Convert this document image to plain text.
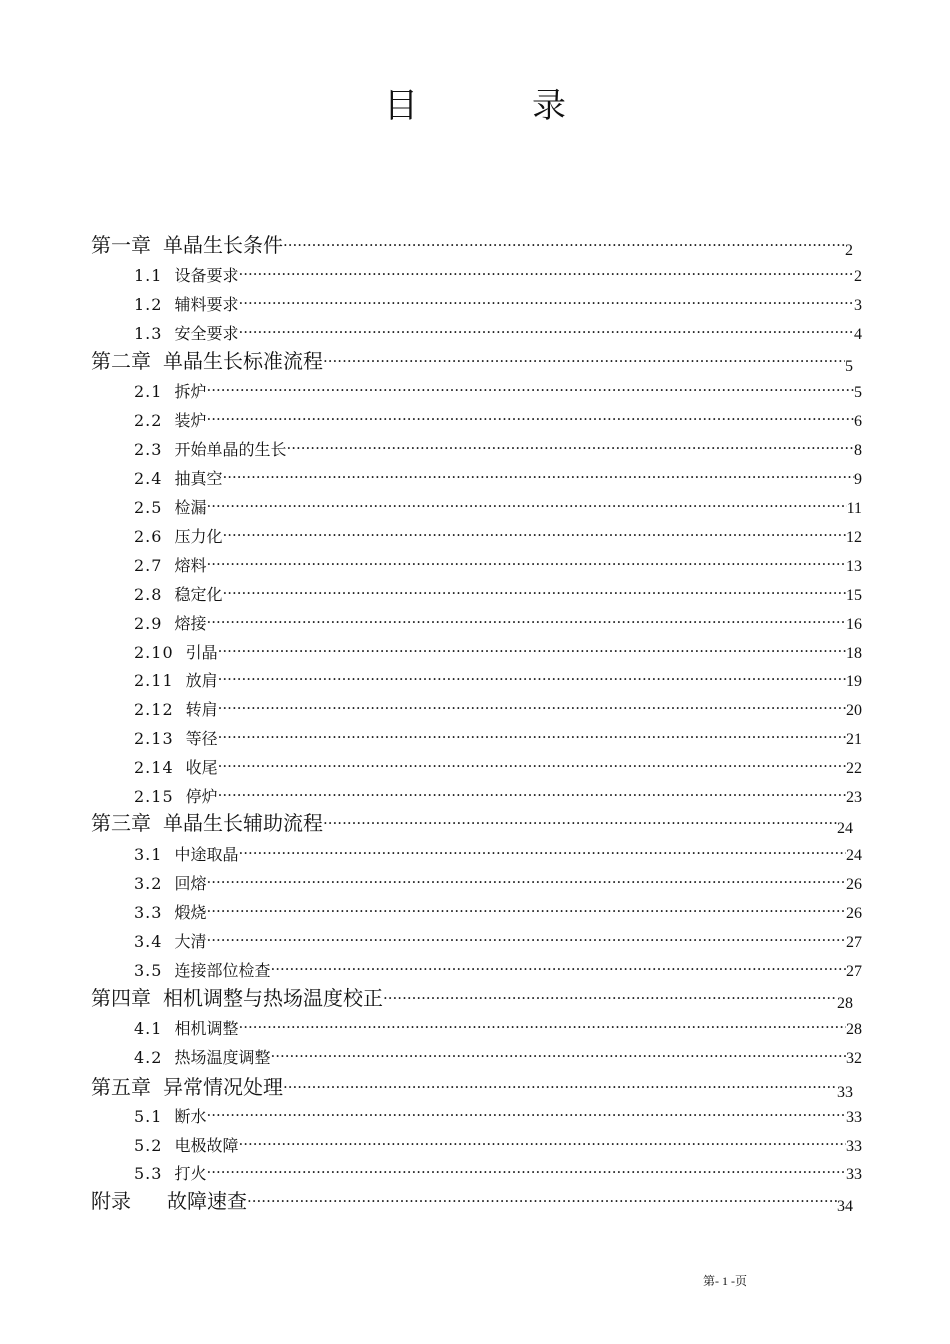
目　录
第一章 单晶生长条件 ·····	2
1.1 设备要求 ·····	2
1.2 辅料要求 ·····	3
1.3 安全要求 ·····	4
第二章 单晶生长标准流程 ·····	5
2.1 拆炉 ·····	5
2.2 装炉 ·····	6
2.3 开始单晶的生长 ·····	8
2.4 抽真空 ·····	9
2.5 检漏 ·····	11
2.6 压力化 ·····	12
2.7 熔料 ·····	13
2.8 稳定化 ·····	15
2.9 熔接 ·····	16
2.10 引晶 ·····	18
2.11 放肩 ·····	19
2.12 转肩 ·····	20
2.13 等径 ·····	21
2.14 收尾 ·····	22
2.15 停炉 ·····	23
第三章 单晶生长辅助流程 ·····	24
3.1 中途取晶 ·····	24
3.2 回熔 ·····	26
3.3 煅烧 ·····	26
3.4 大清 ·····	27
3.5 连接部位检查 ·····	27
第四章 相机调整与热场温度校正 ·····	28
4.1 相机调整 ·····	28
4.2 热场温度调整 ·····	32
第五章 异常情况处理 ·····	33
5.1 断水 ·····	33
5.2 电极故障 ·····	33
5.3 打火 ·····	33
附录 故障速查 ·····	34
第- 1 -页
